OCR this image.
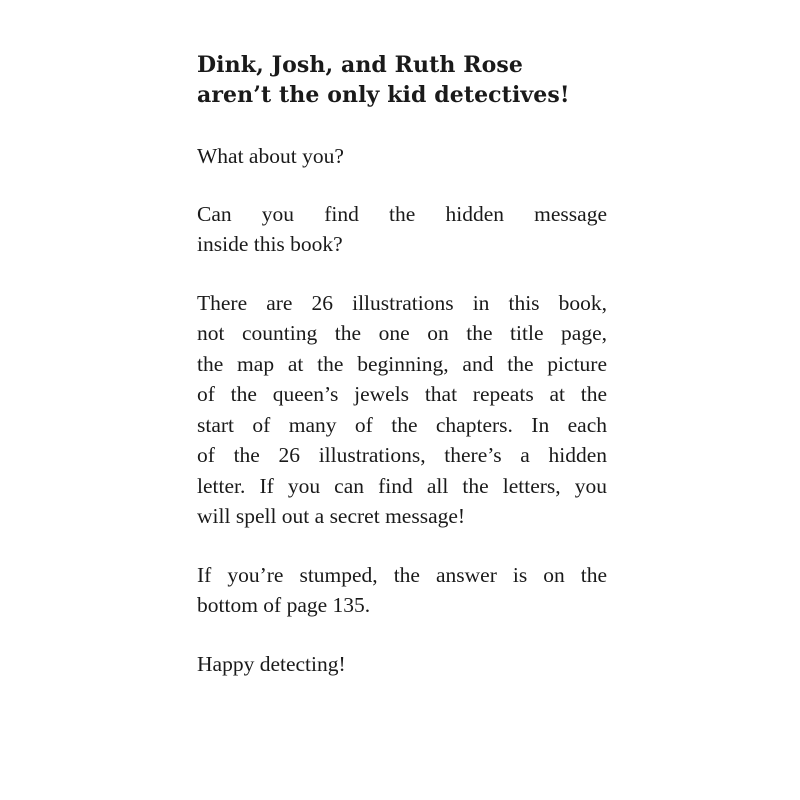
Dink, Josh, and Ruth Rose
aren’t the only kid detectives!

What about you?

Can you find the hidden message
inside this book?

There are 26 illustrations in this book,
not counting the one on the title page,
the map at the beginning, and the picture
of the queen’s jewels that repeats at the
start of many of the chapters. In each
of the 26 illustrations, there’s a hidden
letter. If you can find all the letters, you
will spell out a secret message!

If you’re stumped, the answer is on the
bottom of page 135.

Happy detecting!
